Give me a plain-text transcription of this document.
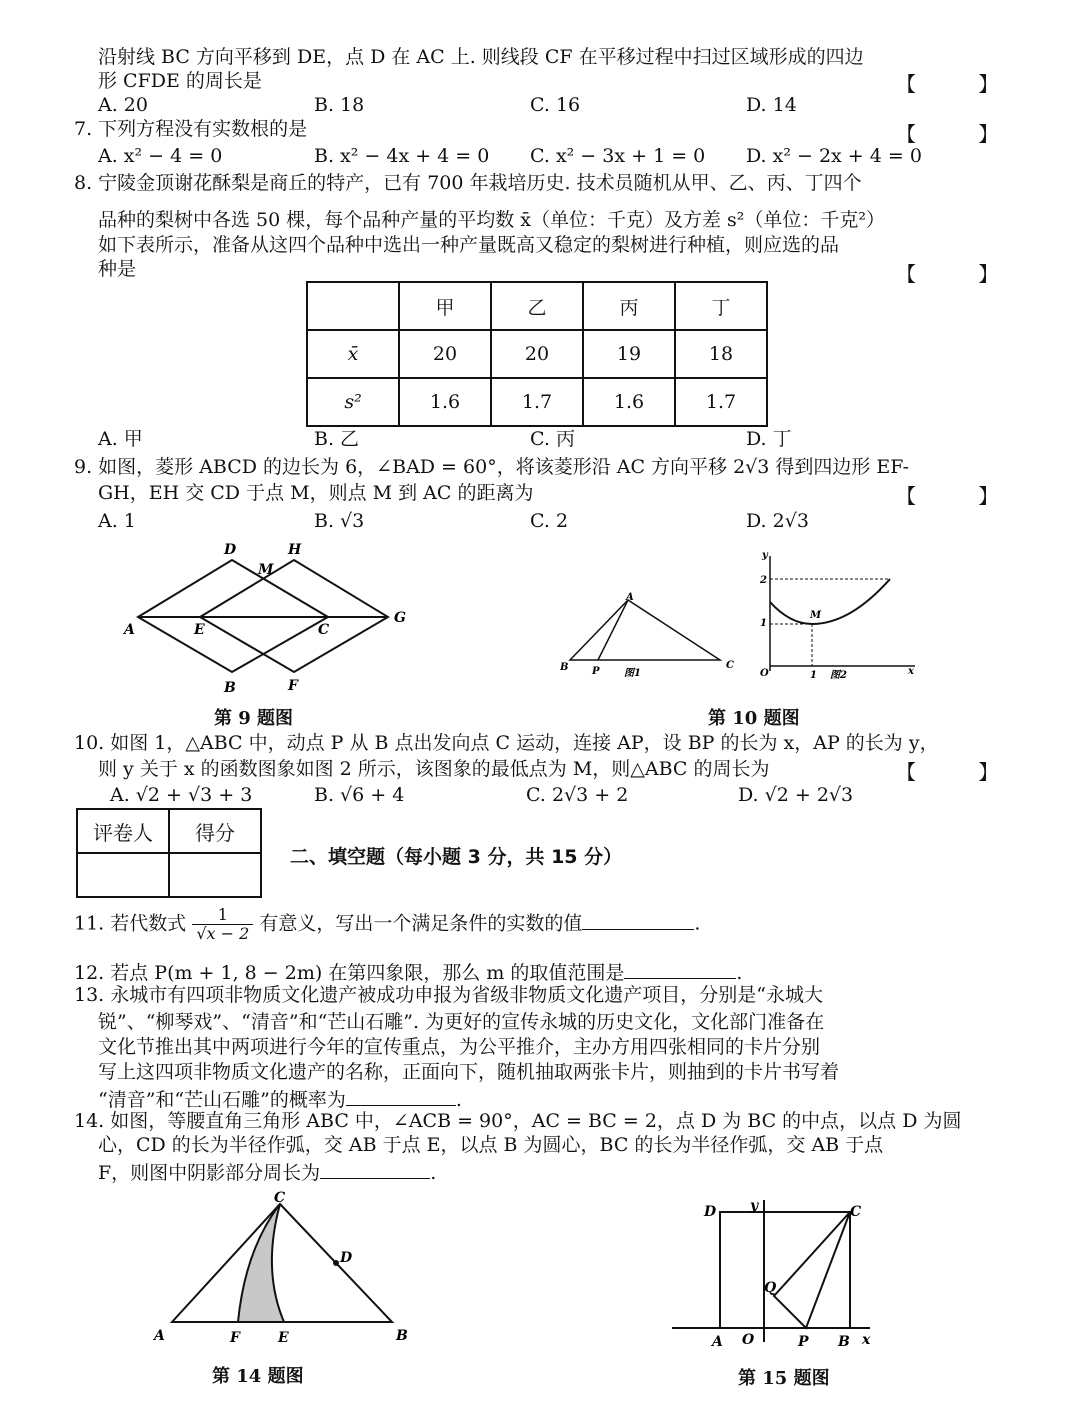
沿射线 BC 方向平移到 DE，点 D 在 AC 上. 则线段 CF 在平移过程中扫过区域形成的四边
形 CFDE 的周长是	【 】
A. 20	B. 18	C. 16	D. 14
7. 下列方程没有实数根的是	【 】
A. x² − 4 = 0	B. x² − 4x + 4 = 0 C. x² − 3x + 1 = 0 D. x² − 2x + 4 = 0
8. 宁陵金顶谢花酥梨是商丘的特产，已有 700 年栽培历史. 技术员随机从甲、乙、丙、丁四个
品种的梨树中各选 50 棵，每个品种产量的平均数 x̄（单位：千克）及方差 s²（单位：千克²）
如下表所示，准备从这四个品种中选出一种产量既高又稳定的梨树进行种植，则应选的品
种是	【 】
	甲	乙	丙	丁
x̄	20	20	19	18
s²	1.6	1.7	1.6	1.7
A. 甲	B. 乙	C. 丙	D. 丁
9. 如图，菱形 ABCD 的边长为 6，∠BAD = 60°，将该菱形沿 AC 方向平移 2√3 得到四边形 EF-
GH，EH 交 CD 于点 M，则点 M 到 AC 的距离为	【 】
A. 1	B. √3	C. 2	D. 2√3
A
B
C
D
E
F
G
H
M
第 9 题图
B
A
C
P 图1
y
x
O
2
1
1
M
图2
第 10 题图
10. 如图 1，△ABC 中，动点 P 从 B 点出发向点 C 运动，连接 AP，设 BP 的长为 x，AP 的长为 y，
则 y 关于 x 的函数图象如图 2 所示，该图象的最低点为 M，则△ABC 的周长为	【 】
A. √2 + √3 + 3	B. √6 + 4	C. 2√3 + 2	D. √2 + 2√3
评卷人	得分

二、填空题（每小题 3 分，共 15 分）
11. 若代数式 $\frac{1}{√x - 2}$ 有意义，写出一个满足条件的实数的值	.
12. 若点 P(m + 1, 8 − 2m) 在第四象限，那么 m 的取值范围是	.
13. 永城市有四项非物质文化遗产被成功申报为省级非物质文化遗产项目，分别是“永城大
锐”、“柳琴戏”、“清音”和“芒山石雕”. 为更好的宣传永城的历史文化，文化部门准备在
文化节推出其中两项进行今年的宣传重点，为公平推介，主办方用四张相同的卡片分别
写上这四项非物质文化遗产的名称，正面向下，随机抽取两张卡片，则抽到的卡片书写着
“清音”和“芒山石雕”的概率为	.
14. 如图，等腰直角三角形 ABC 中，∠ACB = 90°，AC = BC = 2，点 D 为 BC 的中点，以点 D 为圆
心，CD 的长为半径作弧，交 AB 于点 E，以点 B 为圆心，BC 的长为半径作弧，交 AB 于点
F，则图中阴影部分周长为	.
A	B
C
D
E
F
第 14 题图
D y	C
Q
A O	P B x
第 15 题图
